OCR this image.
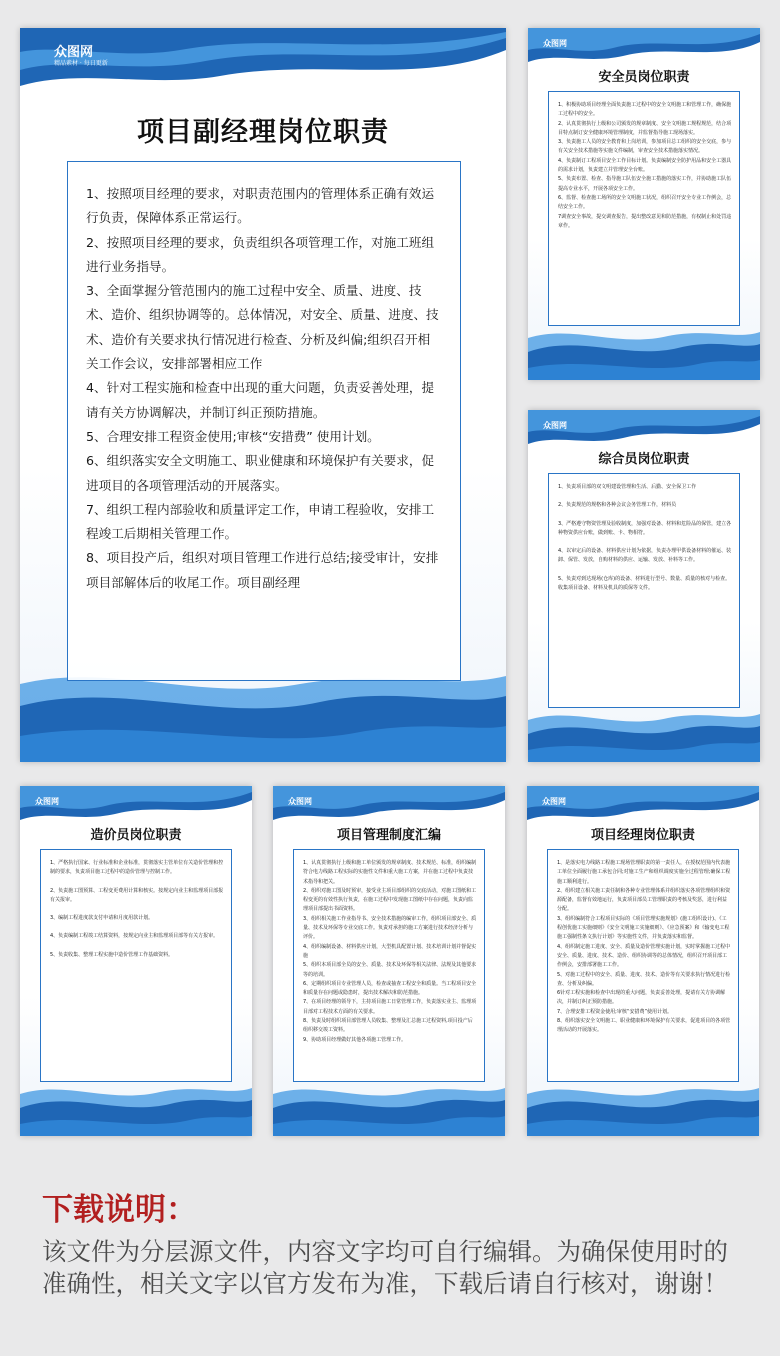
众图网
精品素材 · 每日更新
项目副经理岗位职责
1、按照项目经理的要求，对职责范围内的管理体系正确有效运行负责，保障体系正常运行。
2、按照项目经理的要求，负责组织各项管理工作，对施工班组进行业务指导。
3、全面掌握分管范围内的施工过程中安全、质量、进度、技术、造价、组织协调等的。总体情况，对安全、质量、进度、技术、造价有关要求执行情况进行检查、分析及纠偏;组织召开相关工作会议，安排部署相应工作
4、针对工程实施和检查中出现的重大问题，负责妥善处理，提请有关方协调解决，并制订纠正预防措施。
5、合理安排工程资金使用;审核“安措费” 使用计划。
6、组织落实安全文明施工、职业健康和环境保护有关要求，促进项目的各项管理活动的开展落实。
7、组织工程内部验收和质量评定工作，申请工程验收，安排工程竣工后期相关管理工作。
8、项目投产后，组织对项目管理工作进行总结;接受审计，安排项目部解体后的收尾工作。项目副经理
众图网
安全员岗位职责
1、积极协助项目经理全面负责施工过程中的安全文明施工和管理工作，确保施工过程中的安全。
2、认真贯彻执行上级和公司颁发的规章制度、安全文明施工规程规范，结合项目特点制订安全健康环境管理制度，并监督指导施工现场落实。
3、负责施工人员的安全教育和上岗培训，参加项目总工组织的安全交底，参与有关安全技术措施等实施文件编制，审查安全技术措施落实情况。
4、负责制订工程项目安全工作目标计划。负责编制安全防护用品和安全工器具的需求计划，负责建立并管理安全台账。
5、负责布置、检查、指导施工队伍安全施工措施的落实工作，并协助施工队伍提高专业水平，开展各项安全工作。
6、监督、检查施工场所的安全文明施工状况，组织召开安全专业工作例会，总结安全工作。
7调查安全事故，提交调查报告，提出整改意见和防范措施，有权制止和处罚违章作。
众图网
综合员岗位职责
1、负责项目部的双文明建设管理和生活、后勤、安全保卫工作
2、负责规范的规格和各种会议会务管理工作，材料员
3、严格遵守物资管理及验收制度，加强对设备、材料和危险品的保管，建立各种物资供应台账，做到账、卡、物相符。
4、以审定后的设备、材料供应计划为依据，负责办理甲供设备材料的催运、装卸、保管、发放，自购材料的供应、运输、发放、补料等工作。
5、负责对到达现场(仓库)的设备、材料进行型号、数量、质量的核对与检查。收集项目设备、材料及机具的质保等文件。
众图网
造价员岗位职责
1、严格执行国家、行业标准和企业标准，贯彻落实主管单位有关造价管理和控制的要求，负责项目施工过程中的造价管理与控制工作。
2、负责施工图预算、工程变更费用计算和核实。按规定向业主和监理项目部报有关报审。
3、编制工程进度款支付申请和月度用款计划。
4、负责编制工程竣工结算资料，按规定向业主和监理项目部等有关方报审。
5、负责收集、整理工程实施中造价管理工作基础资料。
众图网
项目管理制度汇编
1、认真贯彻执行上级和施工单位颁发的规章制度、技术规范、标准，组织编制符合电力线路工程实际的实施性文件和重大施工方案，并在施工过程中负责技术指导和把关。
2、组织对施工图及时预审，接受业主项目部组织的交底活动，对施工图纸和工程变更的有效性执行负责，在施工过程中发现施工图纸中存在问题，负责向监理项目部提出书面资料。
3、组织相关施工作业指导书、安全技术措施的编审工作，组织项目部安全、质量、技术及环保等专业交底工作。负责对承担的施工方案进行技术经济分析与评价。
4、组织编制设备、材料供应计划，大型机具配置计划、技术培训计划并督促实施
5、组织本项目部全员的安全、质量、技术及环保等相关法律、法规及其他要求等的培训。
6、定期组织项目专业管理人员，检查或抽查工程安全和质量。当工程项目安全和质量存在问题或隐患时，提出技术解决和防范措施。
7、在项目经理的领导下，主持项目施工日常管理工作，负责落实业主、监理项目部对工程技术方面的有关要求。
8、负责及时组织项目部管理人员收集、整理及汇总施工过程资料,项目投产后组织移交竣工资料。
9、协助项目经理做好其他各项施工管理工作。
众图网
项目经理岗位职责
1、是落实电力线路工程施工现场管理职责的第一责任人，在授权范围内代表施工单位全面履行施工承包合同;对施工生产和组织调度实施全过程管理;确保工程施工顺利进行。
2、组织建立相关施工责任制和各种专业管理体系并组织落实各项管理组织和资源配备，监督有效地运行，负责项目部员工管理职责的考核及奖惩，进行利益分配。
3、组织编制符合工程项目实际的《项目管理实施规划》(施工组织设计)、《工程创优施工实施细则》《安全文明施工实施细则》、《应急预案》和《输变电工程施工强制性条文执行计划》等实施性文件，并负责落实和监督。
4、组织制定施工进度、安全、质量及造价管理实施计划，实时掌握施工过程中安全、质量、进度、技术、造价、组织协调等的总体情况，组织召开项目部工作例会，安排部署施工工作。
5、对施工过程中的安全、质量、进度、技术、造价等有关要求执行情况进行检查、分析及纠偏。
6针对工程实施和检查中出现的重大问题，负责妥善处理，提请有关方协调解决，并制订纠正预防措施。
7、合理安排工程资金使用;审核“安措费”使用计划。
8、组织落实安全文明施工、职业健康和环境保护有关要求，促进项目的各项管理活动的开展落实。
下载说明：

该文件为分层源文件，内容文字均可自行编辑。为确保使用时的准确性，相关文字以官方发布为准，下载后请自行核对，谢谢！
